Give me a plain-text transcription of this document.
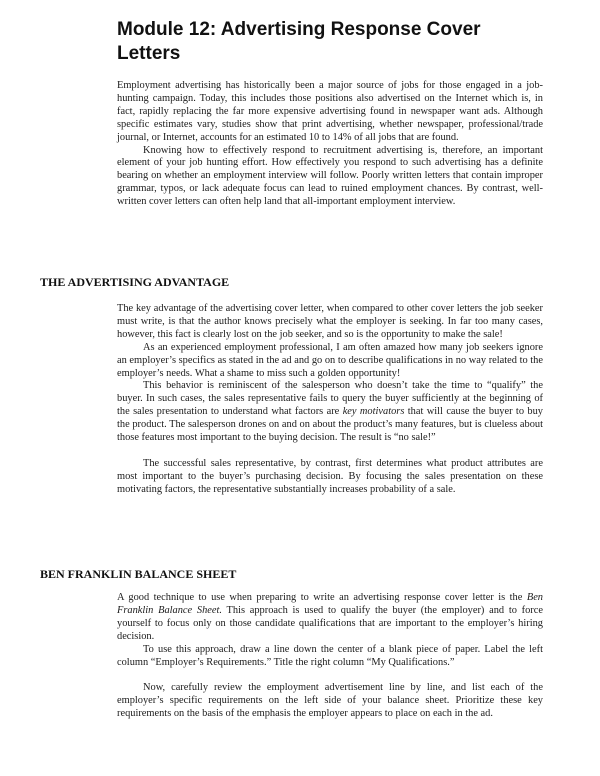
Module 12: Advertising Response Cover
Letters

Employment advertising has historically been a major source of jobs for those engaged in a job-hunting campaign. Today, this includes those positions also advertised on the Internet which is, in fact, rapidly replacing the far more expensive advertising found in newspaper want ads. Although specific estimates vary, studies show that print advertising, whether newspaper, professional/trade journal, or Internet, accounts for an estimated 10 to 14% of all jobs that are found.

Knowing how to effectively respond to recruitment advertising is, therefore, an important element of your job hunting effort. How effectively you respond to such advertising has a definite bearing on whether an employment interview will follow. Poorly written letters that contain improper grammar, typos, or lack adequate focus can lead to ruined employment chances. By contrast, well-written cover letters can often help land that all-important employment interview.

THE ADVERTISING ADVANTAGE

The key advantage of the advertising cover letter, when compared to other cover letters the job seeker must write, is that the author knows precisely what the employer is seeking. In far too many cases, however, this fact is clearly lost on the job seeker, and so is the opportunity to make the sale!

As an experienced employment professional, I am often amazed how many job seekers ignore an employer’s specifics as stated in the ad and go on to describe qualifications in no way related to the employer’s needs. What a shame to miss such a golden opportunity!

This behavior is reminiscent of the salesperson who doesn’t take the time to “qualify” the buyer. In such cases, the sales representative fails to query the buyer sufficiently at the beginning of the sales presentation to understand what factors are key motivators that will cause the buyer to buy the product. The salesperson drones on and on about the product’s many features, but is clueless about those features most important to the buying decision. The result is “no sale!”

The successful sales representative, by contrast, first determines what product attributes are most important to the buyer’s purchasing decision. By focusing the sales presentation on these motivating factors, the representative substantially increases probability of a sale.

BEN FRANKLIN BALANCE SHEET

A good technique to use when preparing to write an advertising response cover letter is the Ben Franklin Balance Sheet. This approach is used to qualify the buyer (the employer) and to force yourself to focus only on those candidate qualifications that are important to the employer’s hiring decision.

To use this approach, draw a line down the center of a blank piece of paper. Label the left column “Employer’s Requirements.” Title the right column “My Qualifications.”

Now, carefully review the employment advertisement line by line, and list each of the employer’s specific requirements on the left side of your balance sheet. Prioritize these key requirements on the basis of the emphasis the employer appears to place on each in the ad.
